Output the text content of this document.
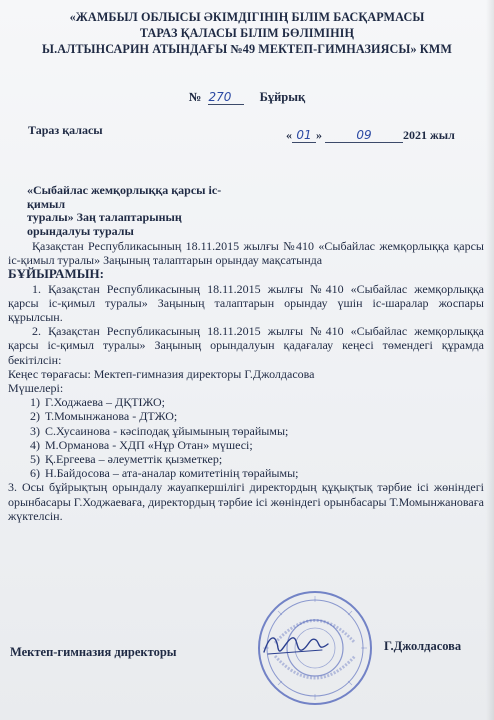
«ЖАМБЫЛ ОБЛЫСЫ ӘКІМДІГІНІҢ БІЛІМ БАСҚАРМАСЫ
ТАРАЗ ҚАЛАСЫ БІЛІМ БӨЛІМІНІҢ
Ы.АЛТЫНСАРИН АТЫНДАҒЫ №49 МЕКТЕП-ГИМНАЗИЯСЫ» КММ
№ 270 Бұйрық
Тараз қаласы	« 01 »	09	2021 жыл
«Сыбайлас жемқорлыққа қарсы іс-қимыл
туралы» Заң талаптарының
орындалуы туралы

Қазақстан Республикасының 18.11.2015 жылғы №410 «Сыбайлас жемқорлыққа қарсы іс-қимыл туралы» Заңының талаптарын орындау мақсатында

БҰЙЫРАМЫН:

1. Қазақстан Республикасының 18.11.2015 жылғы №410 «Сыбайлас жемқорлыққа қарсы іс-қимыл туралы» Заңының талаптарын орындау үшін іс-шаралар жоспары құрылсын.

2. Қазақстан Республикасының 18.11.2015 жылғы №410 «Сыбайлас жемқорлыққа қарсы іс-қимыл туралы» Заңының орындалуын қадағалау кеңесі төмендегі құрамда бекітілсін:

Кеңес төрағасы: Мектеп-гимназия директоры Г.Джолдасова

Мүшелері:

1) Г.Ходжаева – ДҚТІЖО;

2) Т.Момынжанова - ДТЖО;

3) С.Хусаинова - кәсіподақ ұйымының төрайымы;

4) М.Орманова - ХДП «Нұр Отан» мүшесі;

5) Қ.Ергеева – әлеуметтік қызметкер;

6) Н.Байдосова – ата-аналар комитетінің төрайымы;

3. Осы бұйрықтың орындалу жауапкершілігі директордың құқықтық тәрбие ісі жөніндегі орынбасары Г.Ходжаеваға, директордың тәрбие ісі жөніндегі орынбасары Т.Момынжановаға жүктелсін.

Мектеп-гимназия директоры	Г.Джолдасова
